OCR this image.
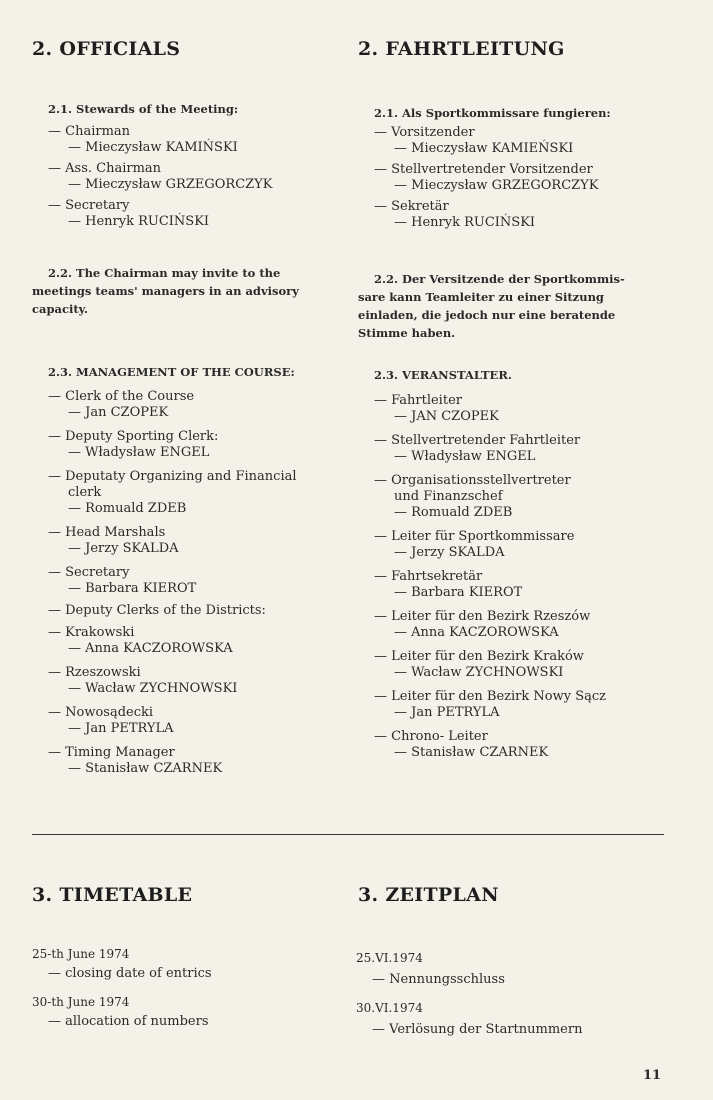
2. OFFICIALS
2.1. Stewards of the Meeting:
— Chairman
— Mieczysław KAMIŃSKI
— Ass. Chairman
— Mieczysław GRZEGORCZYK
— Secretary
— Henryk RUCIŃSKI
2.2. The Chairman may invite to the
meetings teams' managers in an advisory
capacity.
2.3. MANAGEMENT OF THE COURSE:
— Clerk of the Course
— Jan CZOPEK
— Deputy Sporting Clerk:
— Władysław ENGEL
— Deputaty Organizing and Financial
clerk
— Romuald ZDEB
— Head Marshals
— Jerzy SKALDA
— Secretary
— Barbara KIEROT
— Deputy Clerks of the Districts:
— Krakowski
— Anna KACZOROWSKA
— Rzeszowski
— Wacław ZYCHNOWSKI
— Nowosądecki
— Jan PETRYLA
— Timing Manager
— Stanisław CZARNEK
2. FAHRTLEITUNG
2.1. Als Sportkommissare fungieren:
— Vorsitzender
— Mieczysław KAMIEŃSKI
— Stellvertretender Vorsitzender
— Mieczysław GRZEGORCZYK
— Sekretär
— Henryk RUCIŃSKI
2.2. Der Versitzende der Sportkommis-
sare kann Teamleiter zu einer Sitzung
einladen, die jedoch nur eine beratende
Stimme haben.
2.3. VERANSTALTER.
— Fahrtleiter
— JAN CZOPEK
— Stellvertretender Fahrtleiter
— Władysław ENGEL
— Organisationsstellvertreter
und Finanzschef
— Romuald ZDEB
— Leiter für Sportkommissare
— Jerzy SKALDA
— Fahrtsekretär
— Barbara KIEROT
— Leiter für den Bezirk Rzeszów
— Anna KACZOROWSKA
— Leiter für den Bezirk Kraków
— Wacław ZYCHNOWSKI
— Leiter für den Bezirk Nowy Sącz
— Jan PETRYLA
— Chrono- Leiter
— Stanisław CZARNEK
3. TIMETABLE
25-th June 1974
— closing date of entrics
30-th June 1974
— allocation of numbers
3. ZEITPLAN
25.VI.1974
— Nennungsschluss
30.VI.1974
— Verlösung der Startnummern
11
